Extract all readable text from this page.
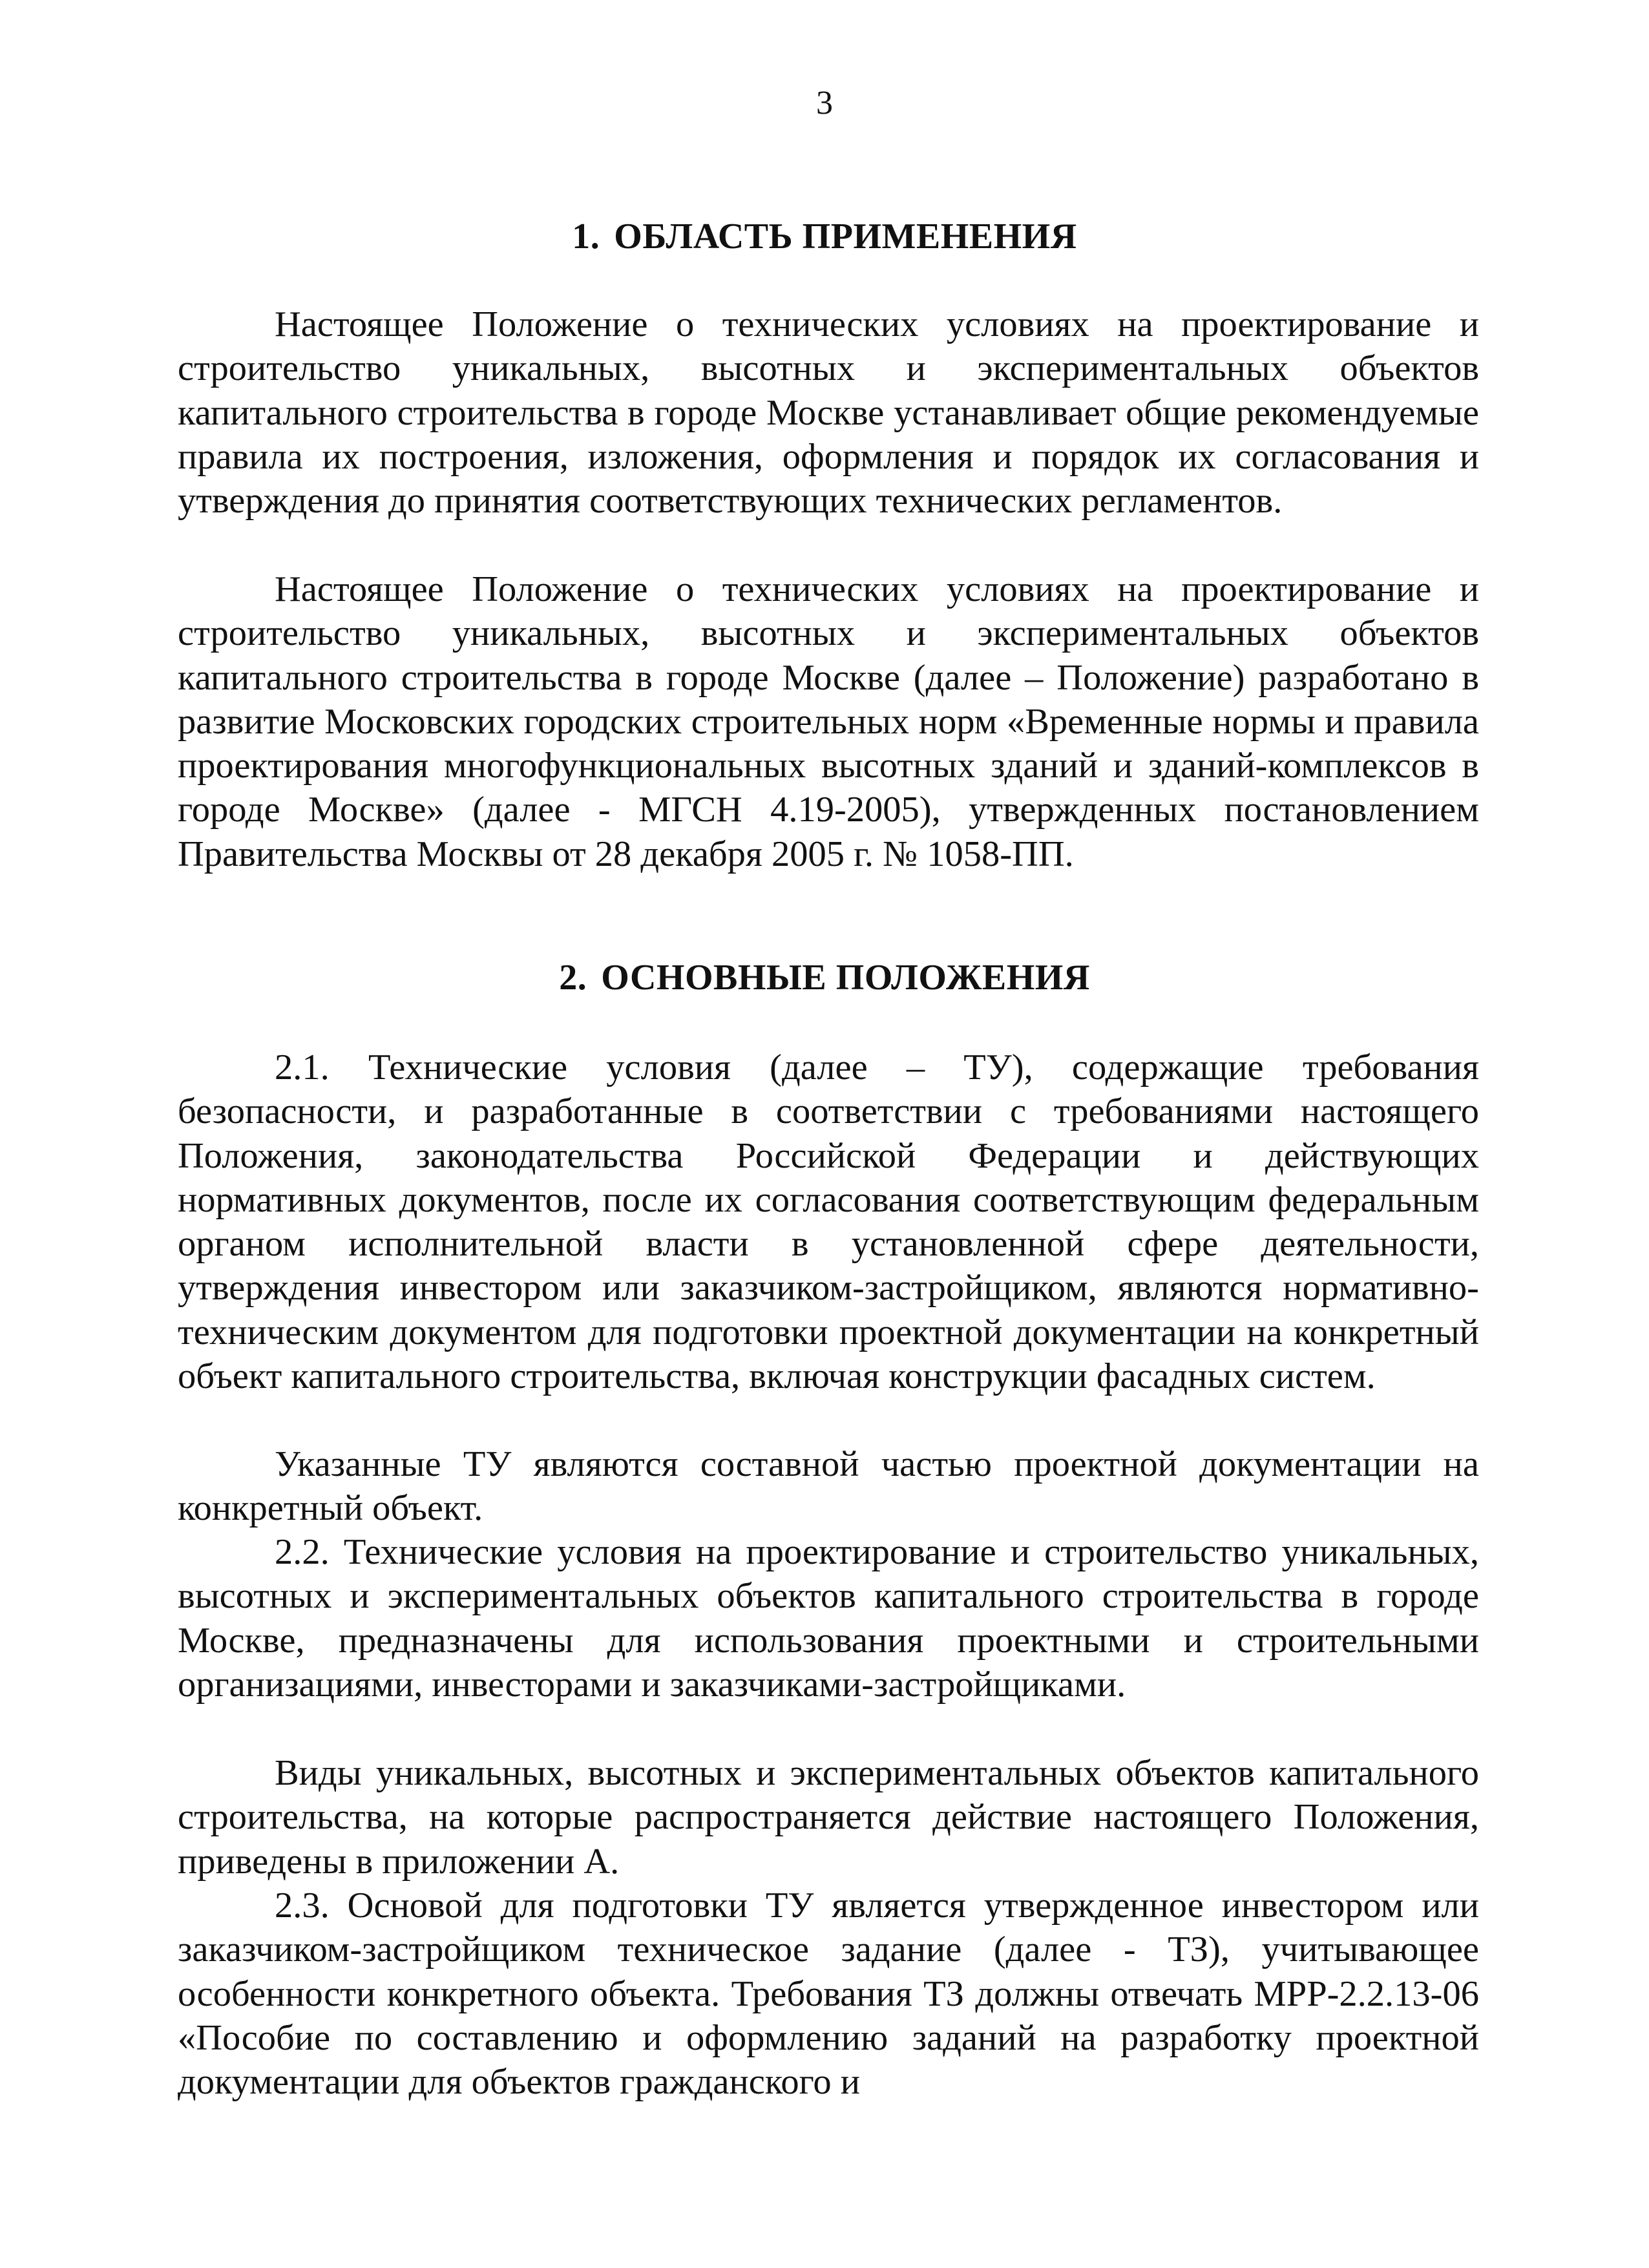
3
1. ОБЛАСТЬ ПРИМЕНЕНИЯ

Настоящее Положение о технических условиях на проектирование и строительство уникальных, высотных и экспериментальных объектов капитального строительства в городе Москве устанавливает общие рекомендуемые правила их построения, изложения, оформления и порядок их согласования и утверждения до принятия соответствующих технических регламентов.

Настоящее Положение о технических условиях на проектирование и строительство уникальных, высотных и экспериментальных объектов капитального строительства в городе Москве (далее – Положение) разработано в развитие Московских городских строительных норм «Временные нормы и правила проектирования многофункциональных высотных зданий и зданий-комплексов в городе Москве» (далее - МГСН 4.19-2005), утвержденных постановлением Правительства Москвы от 28 декабря 2005 г. № 1058-ПП.

2. ОСНОВНЫЕ ПОЛОЖЕНИЯ

2.1. Технические условия (далее – ТУ), содержащие требования безопасности, и разработанные в соответствии с требованиями настоящего Положения, законодательства Российской Федерации и действующих нормативных документов, после их согласования соответствующим федеральным органом исполнительной власти в установленной сфере деятельности, утверждения инвестором или заказчиком-застройщиком, являются нормативно-техническим документом для подготовки проектной документации на конкретный объект капитального строительства, включая конструкции фасадных систем.

Указанные ТУ являются составной частью проектной документации на конкретный объект.

2.2. Технические условия на проектирование и строительство уникальных, высотных и экспериментальных объектов капитального строительства в городе Москве, предназначены для использования проектными и строительными организациями, инвесторами и заказчиками-застройщиками.

Виды уникальных, высотных и экспериментальных объектов капитального строительства, на которые распространяется действие настоящего Положения, приведены в приложении А.

2.3. Основой для подготовки ТУ является утвержденное инвестором или заказчиком-застройщиком техническое задание (далее - ТЗ), учитывающее особенности конкретного объекта. Требования ТЗ должны отвечать МРР-2.2.13-06 «Пособие по составлению и оформлению заданий на разработку проектной документации для объектов гражданского и
